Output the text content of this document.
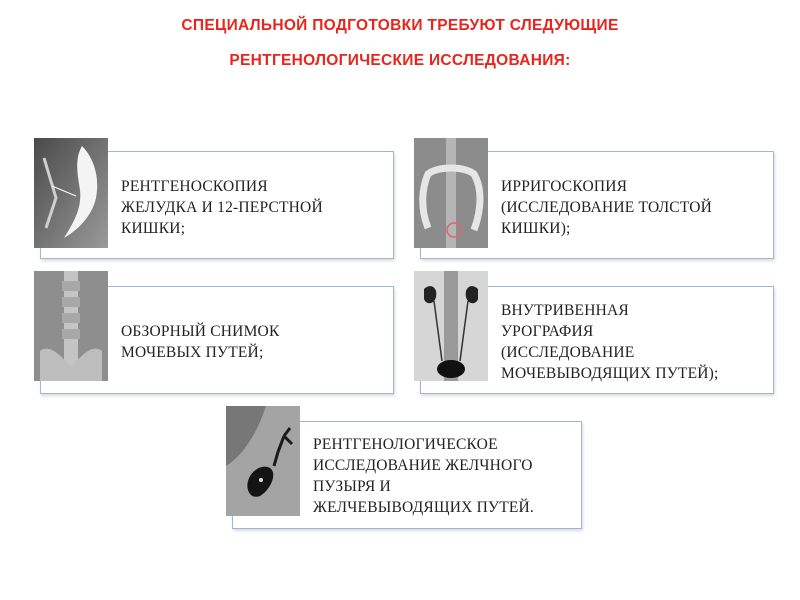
СПЕЦИАЛЬНОЙ ПОДГОТОВКИ ТРЕБУЮТ СЛЕДУЮЩИЕ
РЕНТГЕНОЛОГИЧЕСКИЕ ИССЛЕДОВАНИЯ:
РЕНТГЕНОСКОПИЯ
ЖЕЛУДКА И 12-ПЕРСТНОЙ
КИШКИ;
ИРРИГОСКОПИЯ
(ИССЛЕДОВАНИЕ ТОЛСТОЙ
КИШКИ);
ОБЗОРНЫЙ СНИМОК
МОЧЕВЫХ ПУТЕЙ;
ВНУТРИВЕННАЯ
УРОГРАФИЯ
(ИССЛЕДОВАНИЕ
МОЧЕВЫВОДЯЩИХ ПУТЕЙ);
РЕНТГЕНОЛОГИЧЕСКОЕ
ИССЛЕДОВАНИЕ ЖЕЛЧНОГО
ПУЗЫРЯ И
ЖЕЛЧЕВЫВОДЯЩИХ ПУТЕЙ.
